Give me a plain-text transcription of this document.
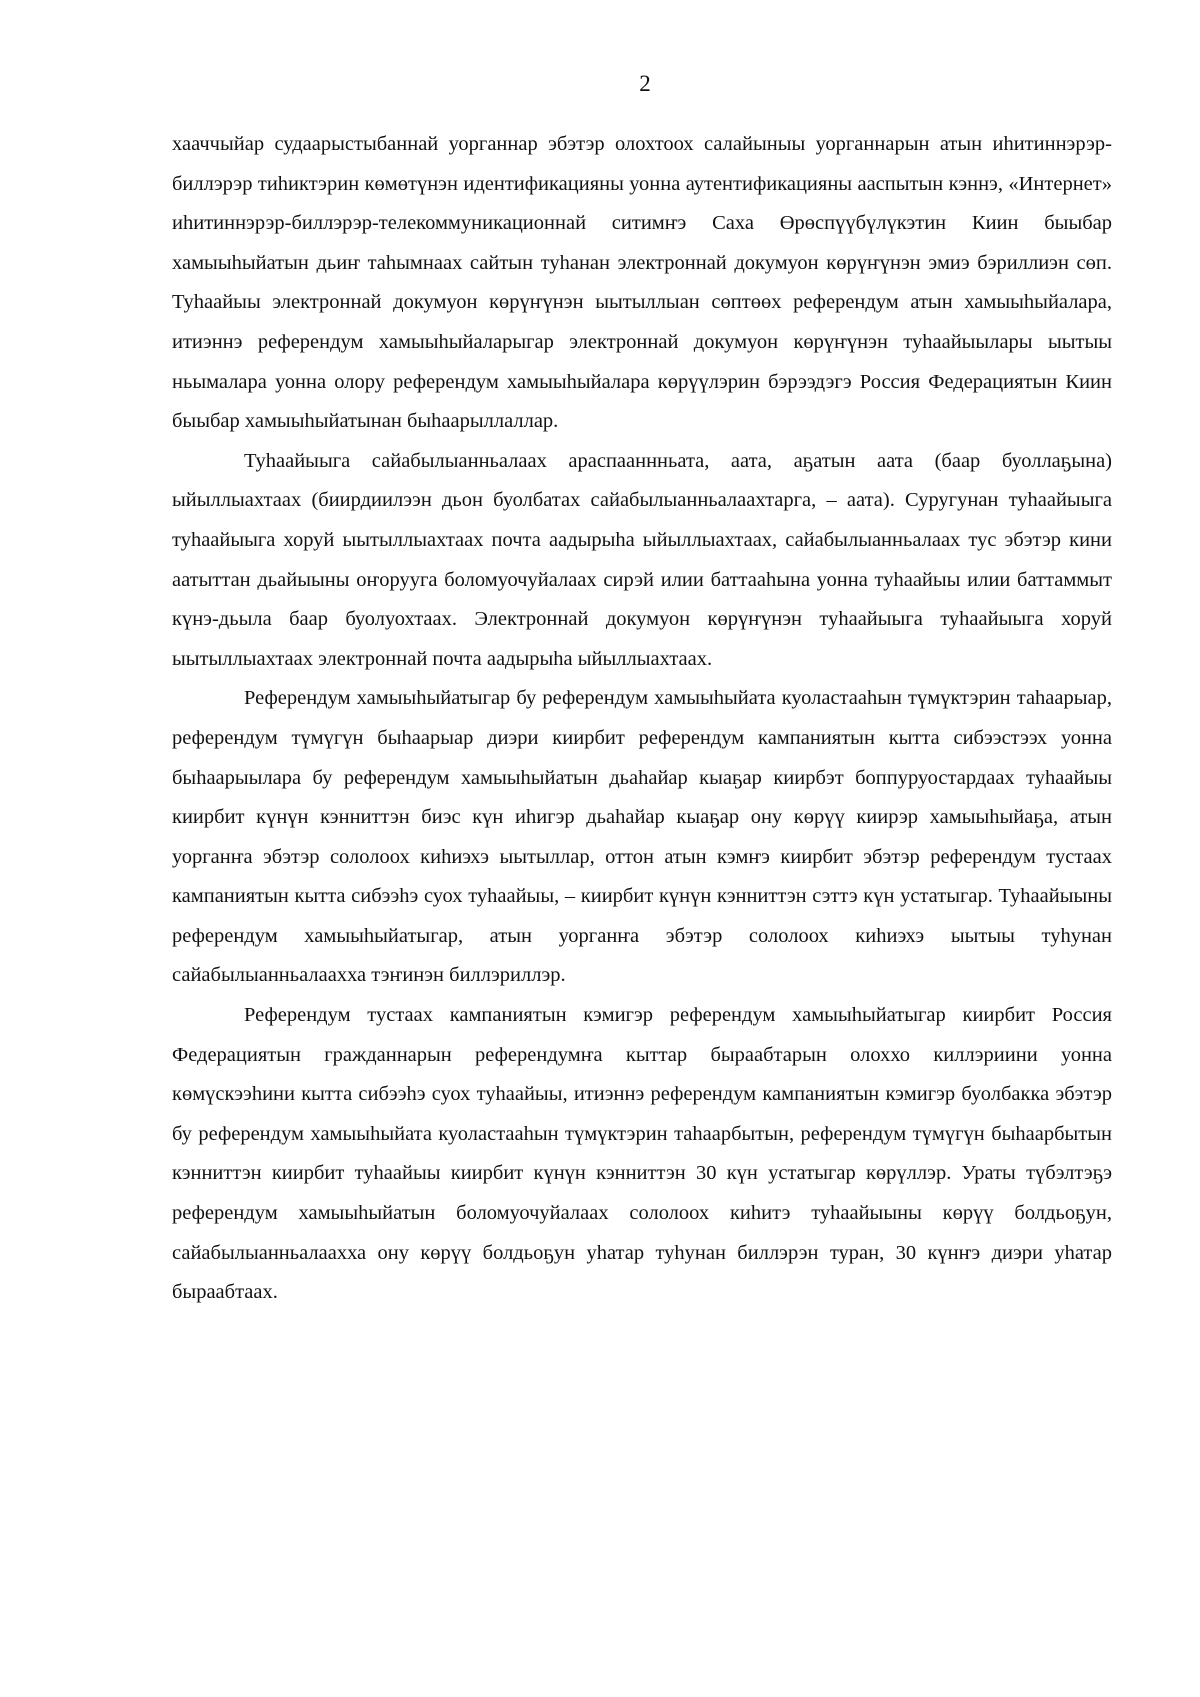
2

хааччыйар судаарыстыбаннай уорганнар эбэтэр олохтоох салайыныы уорганнарын атын иһитиннэрэр-биллэрэр тиһиктэрин көмөтүнэн идентификацияны уонна аутентификацияны ааспытын кэннэ, «Интернет» иһитиннэрэр-биллэрэр-телекоммуникационнай ситимҥэ Саха Өрөспүүбүлүкэтин Киин быыбар хамыыһыйатын дьиҥ таһымнаах сайтын туһанан электроннай докумуон көрүҥүнэн эмиэ бэриллиэн сөп. Туһаайыы электроннай докумуон көрүҥүнэн ыытыллыан сөптөөх референдум атын хамыыһыйалара, итиэннэ референдум хамыыһыйаларыгар электроннай докумуон көрүҥүнэн туһаайыылары ыытыы ньымалара уонна олору референдум хамыыһыйалара көрүүлэрин бэрээдэгэ Россия Федерациятын Киин быыбар хамыыһыйатынан быһаарыллаллар.

Туһаайыыга сайабылыанньалаах араспааннньата, аата, аҕатын аата (баар буоллаҕына) ыйыллыахтаах (биирдиилээн дьон буолбатах сайабылыанньалаахтарга, – аата). Суругунан туһаайыыга туһаайыыга хоруй ыытыллыахтаах почта аадырыһа ыйыллыахтаах, сайабылыанньалаах тус эбэтэр кини аатыттан дьайыыны оҥорууга боломуочуйалаах сирэй илии баттааһына уонна туһаайыы илии баттаммыт күнэ-дьыла баар буолуохтаах. Электроннай докумуон көрүҥүнэн туһаайыыга туһаайыыга хоруй ыытыллыахтаах электроннай почта аадырыһа ыйыллыахтаах.

Референдум хамыыһыйатыгар бу референдум хамыыһыйата куоластааһын түмүктэрин таһаарыар, референдум түмүгүн быһаарыар диэри киирбит референдум кампаниятын кытта сибээстээх уонна быһаарыылара бу референдум хамыыһыйатын дьаһайар кыаҕар киирбэт боппуруостардаах туһаайыы киирбит күнүн кэнниттэн биэс күн иһигэр дьаһайар кыаҕар ону көрүү киирэр хамыыһыйаҕа, атын уорганҥа эбэтэр сололоох киһиэхэ ыытыллар, оттон атын кэмҥэ киирбит эбэтэр референдум тустаах кампаниятын кытта сибээһэ суох туһаайыы, – киирбит күнүн кэнниттэн сэттэ күн устатыгар. Туһаайыыны референдум хамыыһыйатыгар, атын уорганҥа эбэтэр сололоох киһиэхэ ыытыы туһунан сайабылыанньалаахха тэҥинэн биллэриллэр.

Референдум тустаах кампаниятын кэмигэр референдум хамыыһыйатыгар киирбит Россия Федерациятын гражданнарын референдумҥа кыттар быраабтарын олоххо киллэриини уонна көмүскээһини кытта сибээһэ суох туһаайыы, итиэннэ референдум кампаниятын кэмигэр буолбакка эбэтэр бу референдум хамыыһыйата куоластааһын түмүктэрин таһаарбытын, референдум түмүгүн быһаарбытын кэнниттэн киирбит туһаайыы киирбит күнүн кэнниттэн 30 күн устатыгар көрүллэр. Ураты түбэлтэҕэ референдум хамыыһыйатын боломуочуйалаах сололоох киһитэ туһаайыыны көрүү болдьоҕун, сайабылыанньалаахха ону көрүү болдьоҕун уһатар туһунан биллэрэн туран, 30 күнҥэ диэри уһатар быраабтаах.
